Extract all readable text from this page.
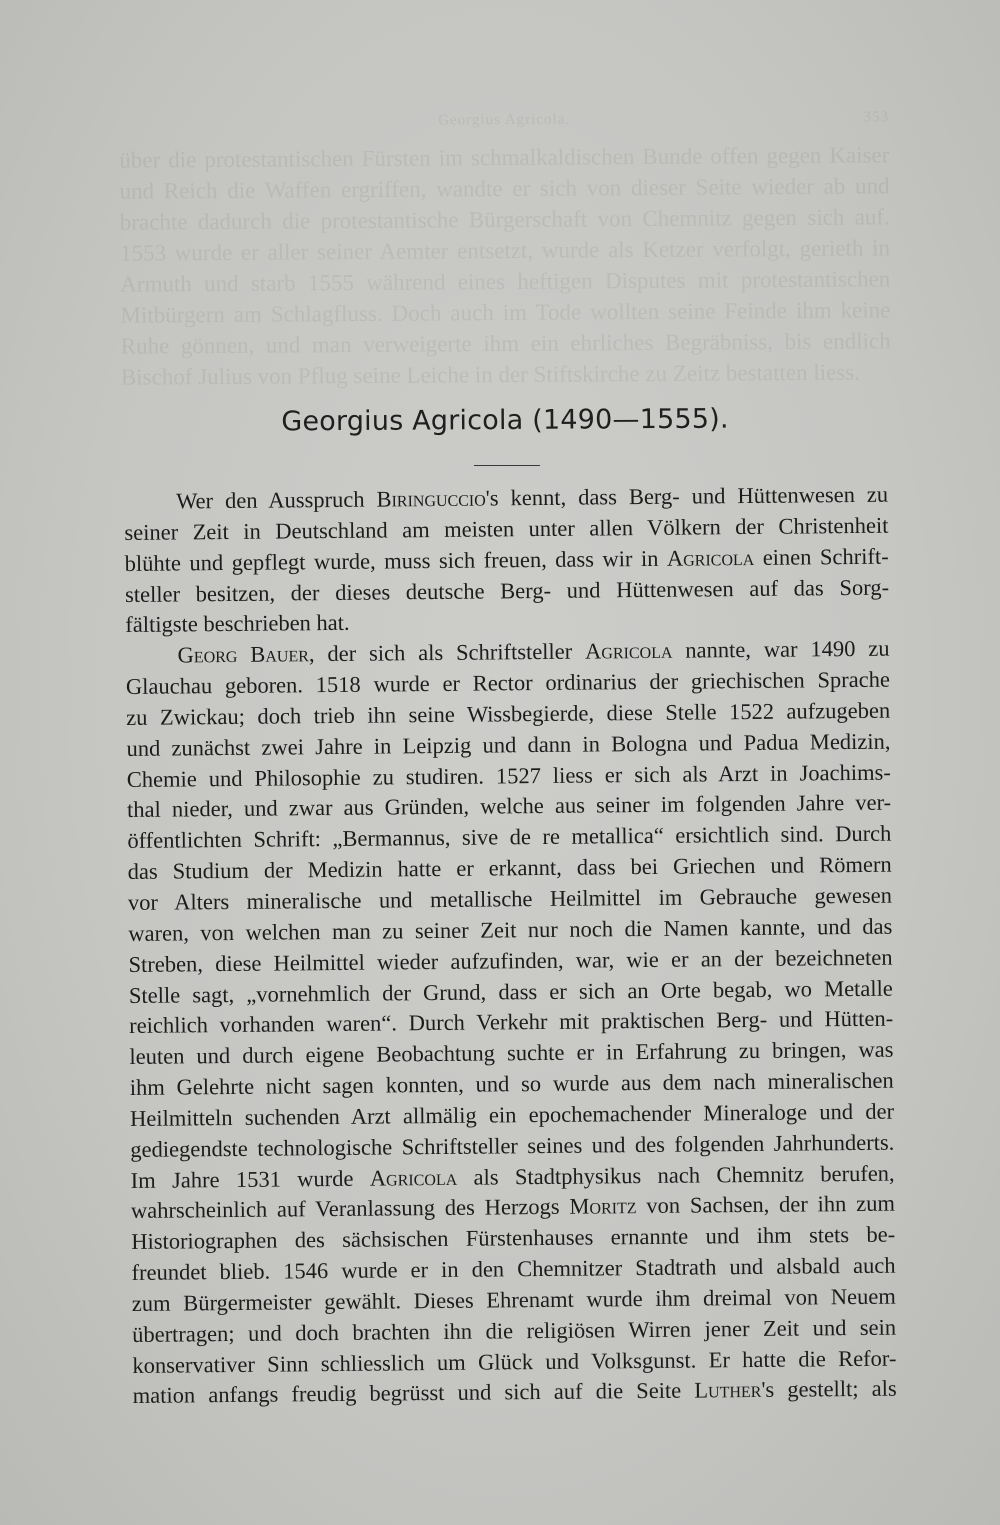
Georgius Agricola.	353
über die protestantischen Fürsten im schmalkaldischen Bunde offen gegen Kaiser und Reich die Waffen ergriffen, wandte er sich von dieser Seite wieder ab und brachte dadurch die protestantische Bürgerschaft von Chemnitz gegen sich auf. 1553 wurde er aller seiner Aemter entsetzt, wurde als Ketzer verfolgt, gerieth in Armuth und starb 1555 während eines heftigen Disputes mit protestantischen Mitbürgern am Schlagfluss. Doch auch im Tode wollten seine Feinde ihm keine Ruhe gönnen, und man verweigerte ihm ein ehrliches Begräbniss, bis endlich Bischof Julius von Pflug seine Leiche in der Stiftskirche zu Zeitz bestatten liess.
Georgius Agricola (1490—1555).
Wer den Ausspruch Biringuccio's kennt, dass Berg- und Hüttenwesen zu
seiner Zeit in Deutschland am meisten unter allen Völkern der Christenheit
blühte und gepflegt wurde, muss sich freuen, dass wir in Agricola einen Schrift-
steller besitzen, der dieses deutsche Berg- und Hüttenwesen auf das Sorg-
fältigste beschrieben hat.
Georg Bauer, der sich als Schriftsteller Agricola nannte, war 1490 zu
Glauchau geboren. 1518 wurde er Rector ordinarius der griechischen Sprache
zu Zwickau; doch trieb ihn seine Wissbegierde, diese Stelle 1522 aufzugeben
und zunächst zwei Jahre in Leipzig und dann in Bologna und Padua Medizin,
Chemie und Philosophie zu studiren. 1527 liess er sich als Arzt in Joachims-
thal nieder, und zwar aus Gründen, welche aus seiner im folgenden Jahre ver-
öffentlichten Schrift: „Bermannus, sive de re metallica“ ersichtlich sind. Durch
das Studium der Medizin hatte er erkannt, dass bei Griechen und Römern
vor Alters mineralische und metallische Heilmittel im Gebrauche gewesen
waren, von welchen man zu seiner Zeit nur noch die Namen kannte, und das
Streben, diese Heilmittel wieder aufzufinden, war, wie er an der bezeichneten
Stelle sagt, „vornehmlich der Grund, dass er sich an Orte begab, wo Metalle
reichlich vorhanden waren“. Durch Verkehr mit praktischen Berg- und Hütten-
leuten und durch eigene Beobachtung suchte er in Erfahrung zu bringen, was
ihm Gelehrte nicht sagen konnten, und so wurde aus dem nach mineralischen
Heilmitteln suchenden Arzt allmälig ein epochemachender Mineraloge und der
gediegendste technologische Schriftsteller seines und des folgenden Jahrhunderts.
Im Jahre 1531 wurde Agricola als Stadtphysikus nach Chemnitz berufen,
wahrscheinlich auf Veranlassung des Herzogs Moritz von Sachsen, der ihn zum
Historiographen des sächsischen Fürstenhauses ernannte und ihm stets be-
freundet blieb. 1546 wurde er in den Chemnitzer Stadtrath und alsbald auch
zum Bürgermeister gewählt. Dieses Ehrenamt wurde ihm dreimal von Neuem
übertragen; und doch brachten ihn die religiösen Wirren jener Zeit und sein
konservativer Sinn schliesslich um Glück und Volksgunst. Er hatte die Refor-
mation anfangs freudig begrüsst und sich auf die Seite Luther's gestellt; als
